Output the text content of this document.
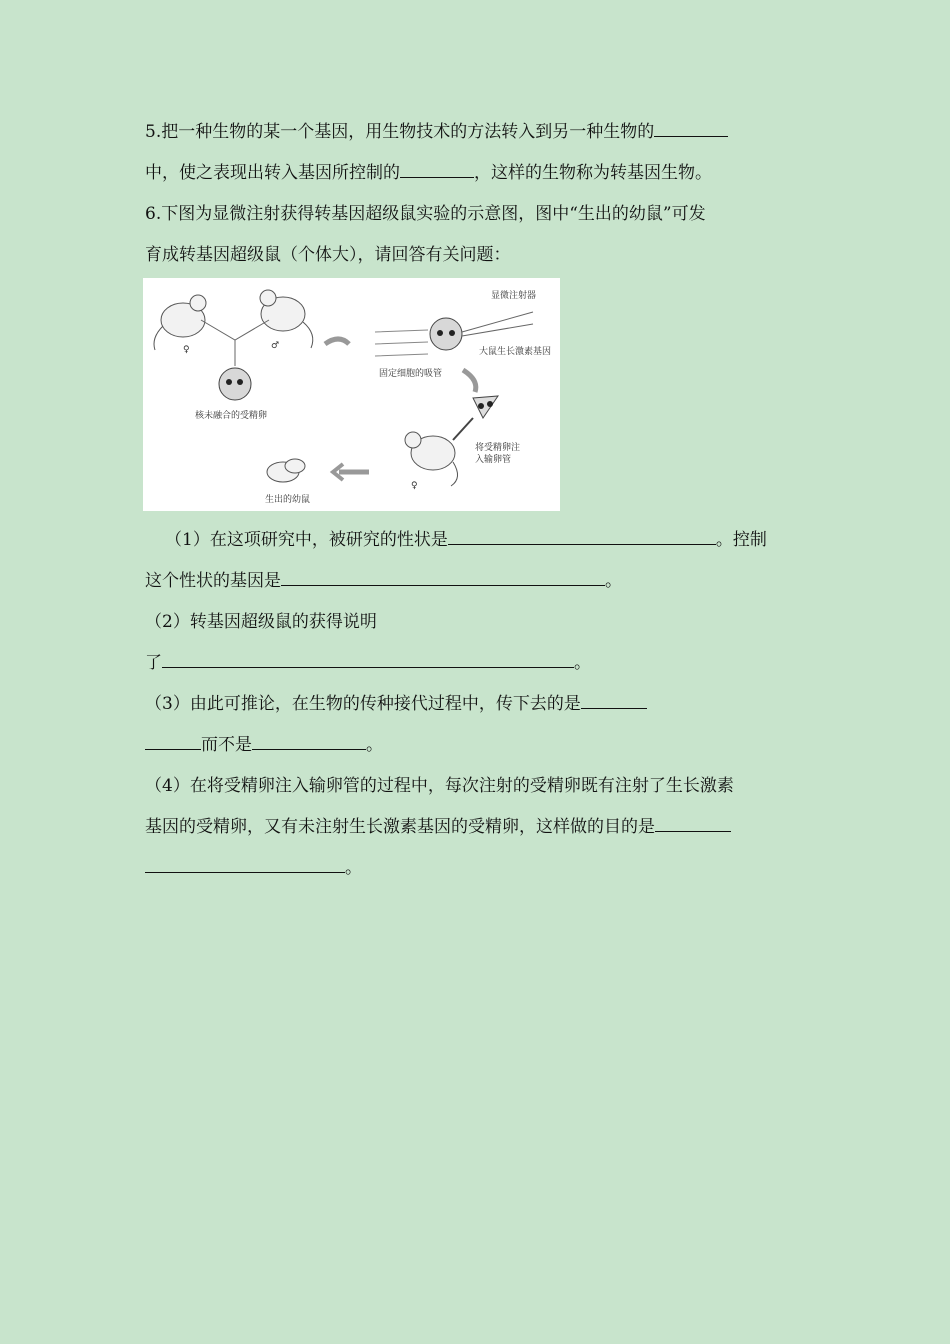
5.把一种生物的某一个基因，用生物技术的方法转入到另一种生物的
中，使之表现出转入基因所控制的	，这样的生物称为转基因生物。
6.下图为显微注射获得转基因超级鼠实验的示意图，图中“生出的幼鼠”可发
育成转基因超级鼠（个体大），请回答有关问题：
♀	♂
核未融合的受精卵
显微注射器
固定细胞的吸管
大鼠生长激素基因
将受精卵注
入输卵管
♀
生出的幼鼠
（1）在这项研究中，被研究的性状是	。控制
这个性状的基因是	。
（2）转基因超级鼠的获得说明
了	。
（3）由此可推论，在生物的传种接代过程中，传下去的是
而不是	。
（4）在将受精卵注入输卵管的过程中，每次注射的受精卵既有注射了生长激素
基因的受精卵，又有未注射生长激素基因的受精卵，这样做的目的是
。
